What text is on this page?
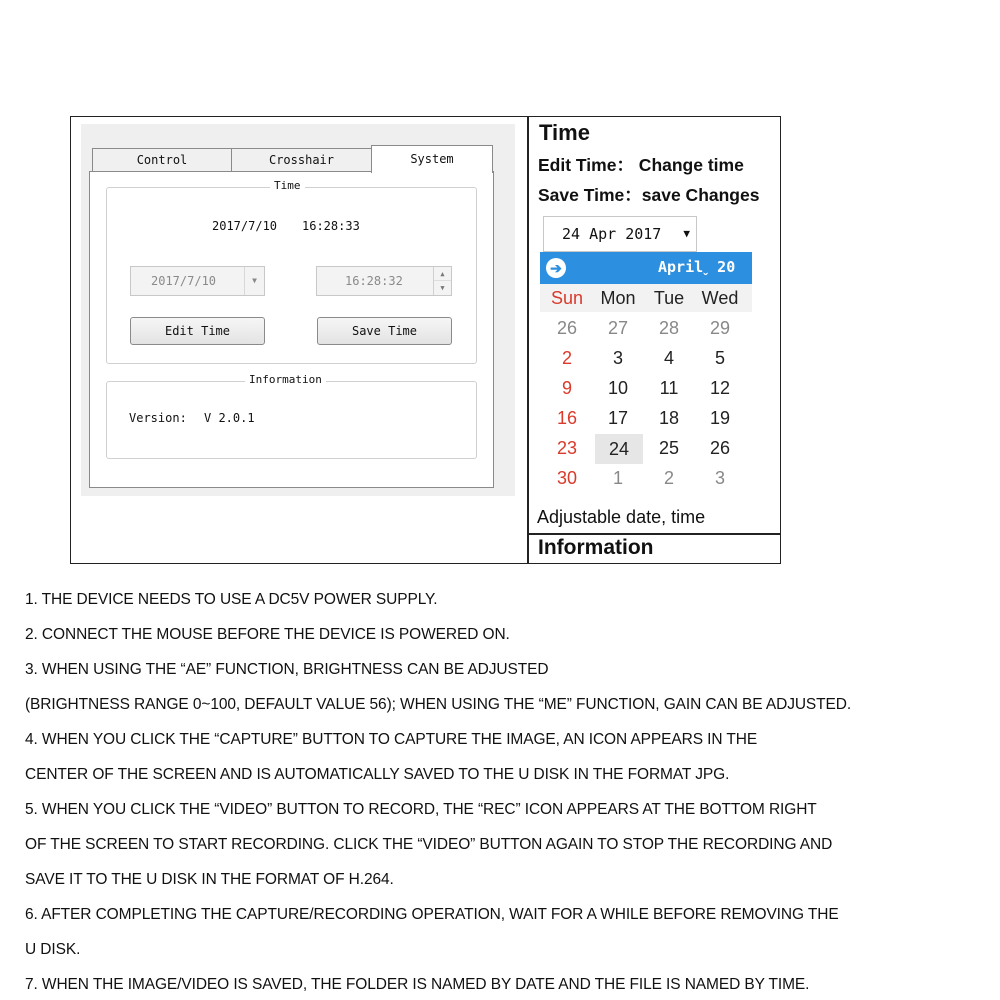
Control	Crosshair	System
Time
2017/7/10 16:28:33
2017/7/10	▼	16:28:32	▲
▼
Edit Time	Save Time
Information
Version: V 2.0.1
Time
Edit Time： Change time
Save Time：save Changes
24 Apr 2017 ▼
➔	Aprilˬ 20
Sun Mon	Tue Wed
26	27	28	29
2	3	4	5
9	10	11	12
16	17	18	19
23	24	25	26
30	1	2	3
Adjustable date, time
Information
1. THE DEVICE NEEDS TO USE A DC5V POWER SUPPLY.
2. CONNECT THE MOUSE BEFORE THE DEVICE IS POWERED ON.
3. WHEN USING THE “AE” FUNCTION, BRIGHTNESS CAN BE ADJUSTED
(BRIGHTNESS RANGE 0~100, DEFAULT VALUE 56); WHEN USING THE “ME” FUNCTION, GAIN CAN BE ADJUSTED.
4. WHEN YOU CLICK THE “CAPTURE” BUTTON TO CAPTURE THE IMAGE, AN ICON APPEARS IN THE
CENTER OF THE SCREEN AND IS AUTOMATICALLY SAVED TO THE U DISK IN THE FORMAT JPG.
5. WHEN YOU CLICK THE “VIDEO” BUTTON TO RECORD, THE “REC” ICON APPEARS AT THE BOTTOM RIGHT
OF THE SCREEN TO START RECORDING. CLICK THE “VIDEO” BUTTON AGAIN TO STOP THE RECORDING AND
SAVE IT TO THE U DISK IN THE FORMAT OF H.264.
6. AFTER COMPLETING THE CAPTURE/RECORDING OPERATION, WAIT FOR A WHILE BEFORE REMOVING THE
U DISK.
7. WHEN THE IMAGE/VIDEO IS SAVED, THE FOLDER IS NAMED BY DATE AND THE FILE IS NAMED BY TIME.
